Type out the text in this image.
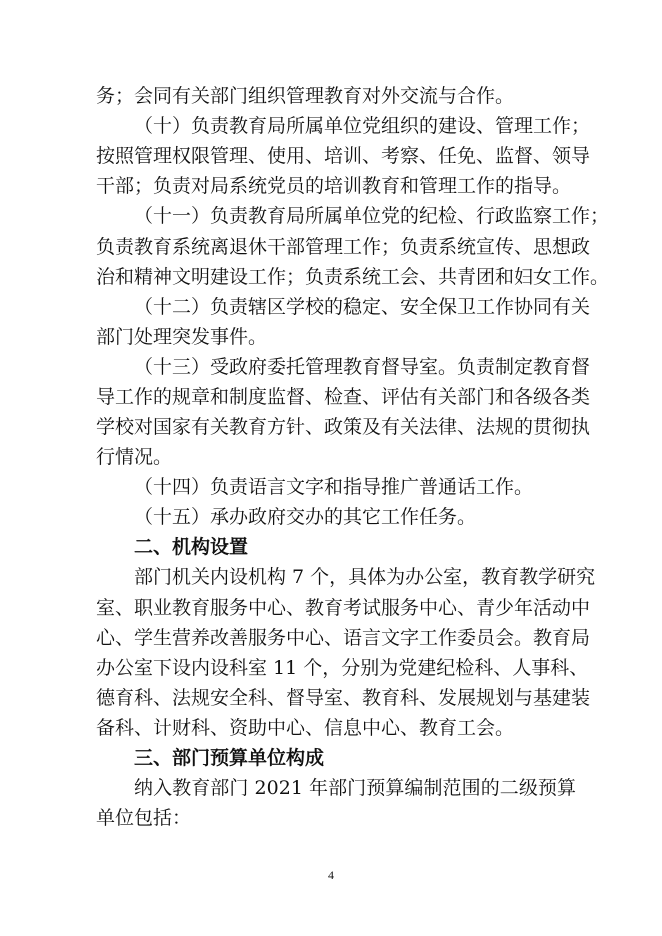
务；会同有关部门组织管理教育对外交流与合作。
（十）负责教育局所属单位党组织的建设、管理工作；
按照管理权限管理、使用、培训、考察、任免、监督、领导
干部；负责对局系统党员的培训教育和管理工作的指导。
（十一）负责教育局所属单位党的纪检、行政监察工作；
负责教育系统离退休干部管理工作；负责系统宣传、思想政
治和精神文明建设工作；负责系统工会、共青团和妇女工作。
（十二）负责辖区学校的稳定、安全保卫工作协同有关
部门处理突发事件。
（十三）受政府委托管理教育督导室。负责制定教育督
导工作的规章和制度监督、检查、评估有关部门和各级各类
学校对国家有关教育方针、政策及有关法律、法规的贯彻执
行情况。
（十四）负责语言文字和指导推广普通话工作。
（十五）承办政府交办的其它工作任务。
二、机构设置
部门机关内设机构 7 个，具体为办公室，教育教学研究
室、职业教育服务中心、教育考试服务中心、青少年活动中
心、学生营养改善服务中心、语言文字工作委员会。教育局
办公室下设内设科室 11 个，分别为党建纪检科、人事科、
德育科、法规安全科、督导室、教育科、发展规划与基建装
备科、计财科、资助中心、信息中心、教育工会。
三、部门预算单位构成
纳入教育部门 2021 年部门预算编制范围的二级预算
单位包括：
4
